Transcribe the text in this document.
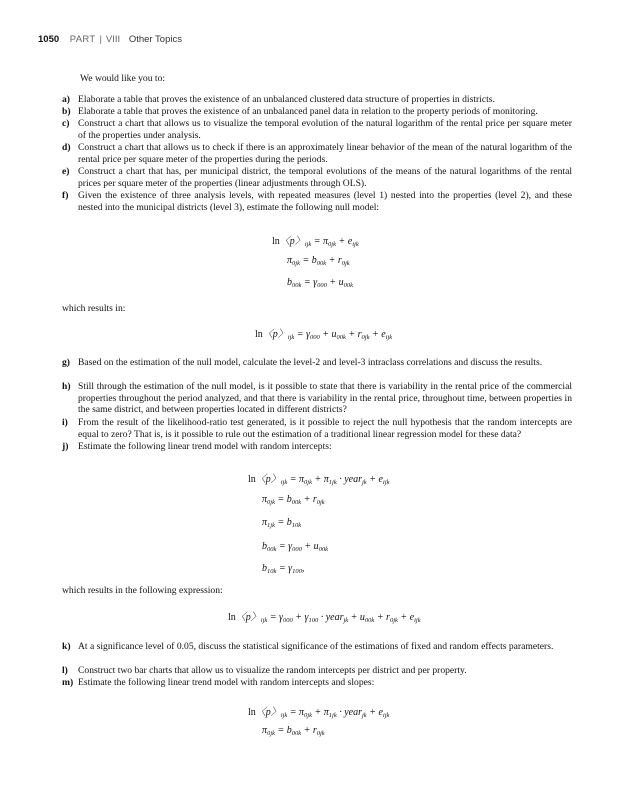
1050 PART | VIII Other Topics
We would like you to:
a) Elaborate a table that proves the existence of an unbalanced clustered data structure of properties in districts.
b) Elaborate a table that proves the existence of an unbalanced panel data in relation to the property periods of monitoring.
c) Construct a chart that allows us to visualize the temporal evolution of the natural logarithm of the rental price per square meter of the properties under analysis.
d) Construct a chart that allows us to check if there is an approximately linear behavior of the mean of the natural logarithm of the rental price per square meter of the properties during the periods.
e) Construct a chart that has, per municipal district, the temporal evolutions of the means of the natural logarithms of the rental prices per square meter of the properties (linear adjustments through OLS).
f)	Given the existence of three analysis levels, with repeated measures (level 1) nested into the properties (level 2), and these nested into the municipal districts (level 3), estimate the following null model:
ln〈p〉$_{ijk} = \pi_{0jk} + e_{ijk}$
$\pi_{0jk} = b_{00k} + r_{0jk}$
$b_{00k} = \gamma_{000} + u_{00k}$
which results in:
ln〈p〉$_{ijk} = \gamma_{000} + u_{00k} + r_{0jk} + e_{ijk}$
g) Based on the estimation of the null model, calculate the level-2 and level-3 intraclass correlations and discuss the results.
h) Still through the estimation of the null model, is it possible to state that there is variability in the rental price of the commercial properties throughout the period analyzed, and that there is variability in the rental price, throughout time, between properties in the same district, and between properties located in different districts?
i)	From the result of the likelihood-ratio test generated, is it possible to reject the null hypothesis that the random intercepts are equal to zero? That is, is it possible to rule out the estimation of a traditional linear regression model for these data?
j)	Estimate the following linear trend model with random intercepts:
ln〈p〉$_{ijk} = \pi_{0jk} + \pi_{1jk}$ · year$_{jk}$ + $e_{ijk}$
$\pi_{0jk} = b_{00k} + r_{0jk}$
$\pi_{1jk} = b_{10k}$
$b_{00k} = \gamma_{000} + u_{00k}$
$b_{10k} = \gamma_{100}$,
which results in the following expression:
ln〈p〉$_{ijk} = \gamma_{000} + \gamma_{100}$ · year$_{jk}$ + $u_{00k} + r_{0jk} + e_{ijk}$
k) At a significance level of 0.05, discuss the statistical significance of the estimations of fixed and random effects parameters.
l)	Construct two bar charts that allow us to visualize the random intercepts per district and per property.
m) Estimate the following linear trend model with random intercepts and slopes:
ln〈p〉$_{ijk} = \pi_{0jk} + \pi_{1jk}$ · year$_{jk}$ + $e_{ijk}$
$\pi_{0jk} = b_{00k} + r_{0jk}$
